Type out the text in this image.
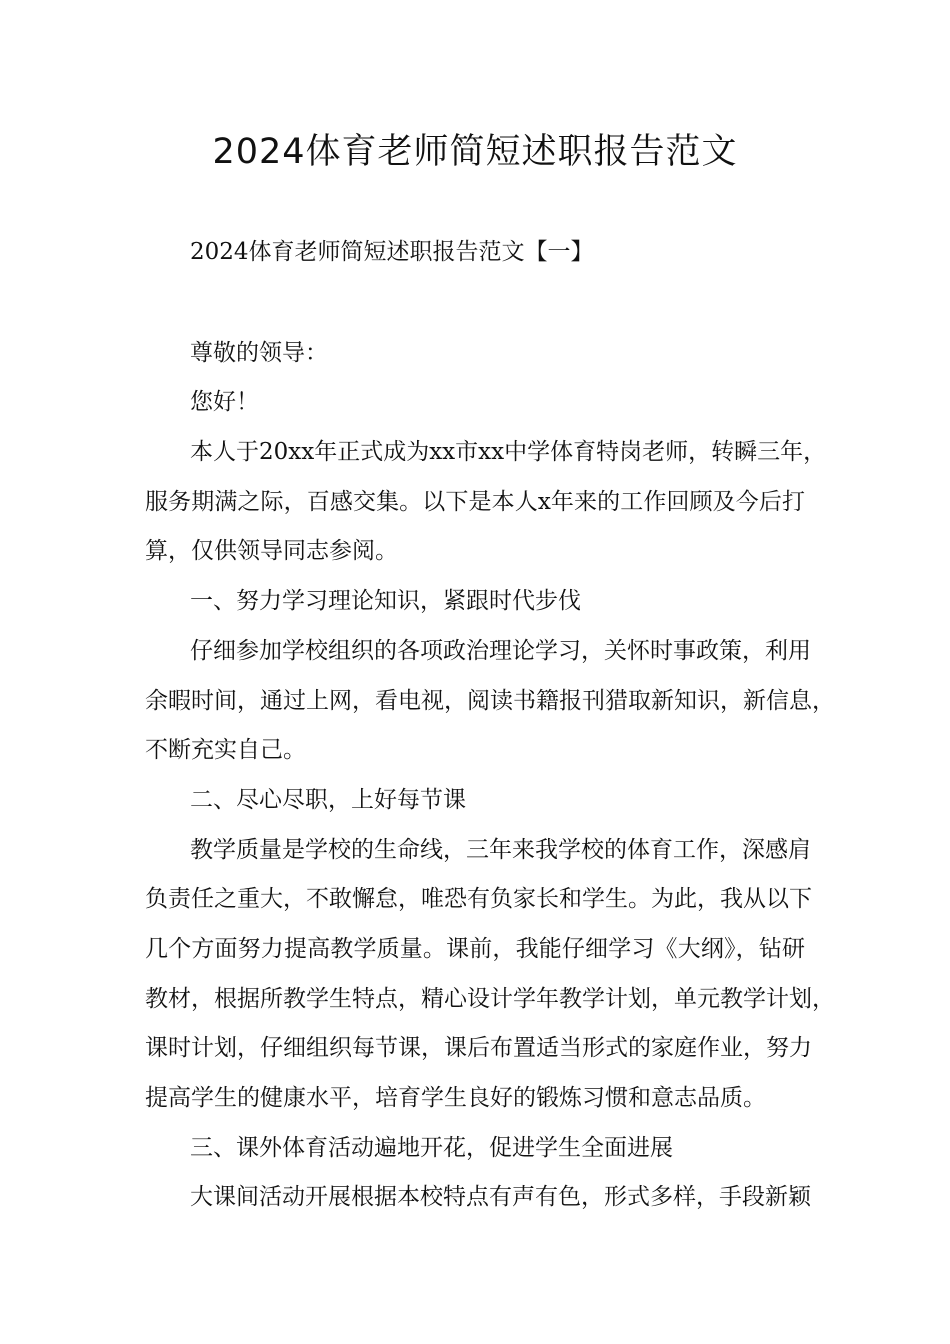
2024体育老师简短述职报告范文
2024体育老师简短述职报告范文【一】
尊敬的领导：
您好！
本人于20xx年正式成为xx市xx中学体育特岗老师，转瞬三年，
服务期满之际，百感交集。以下是本人x年来的工作回顾及今后打
算，仅供领导同志参阅。
一、努力学习理论知识，紧跟时代步伐
仔细参加学校组织的各项政治理论学习，关怀时事政策，利用
余暇时间，通过上网，看电视，阅读书籍报刊猎取新知识，新信息，
不断充实自己。
二、尽心尽职，上好每节课
教学质量是学校的生命线，三年来我学校的体育工作，深感肩
负责任之重大，不敢懈怠，唯恐有负家长和学生。为此，我从以下
几个方面努力提高教学质量。课前，我能仔细学习《大纲》，钻研
教材，根据所教学生特点，精心设计学年教学计划，单元教学计划，
课时计划，仔细组织每节课，课后布置适当形式的家庭作业，努力
提高学生的健康水平，培育学生良好的锻炼习惯和意志品质。
三、课外体育活动遍地开花，促进学生全面进展
大课间活动开展根据本校特点有声有色，形式多样，手段新颖
